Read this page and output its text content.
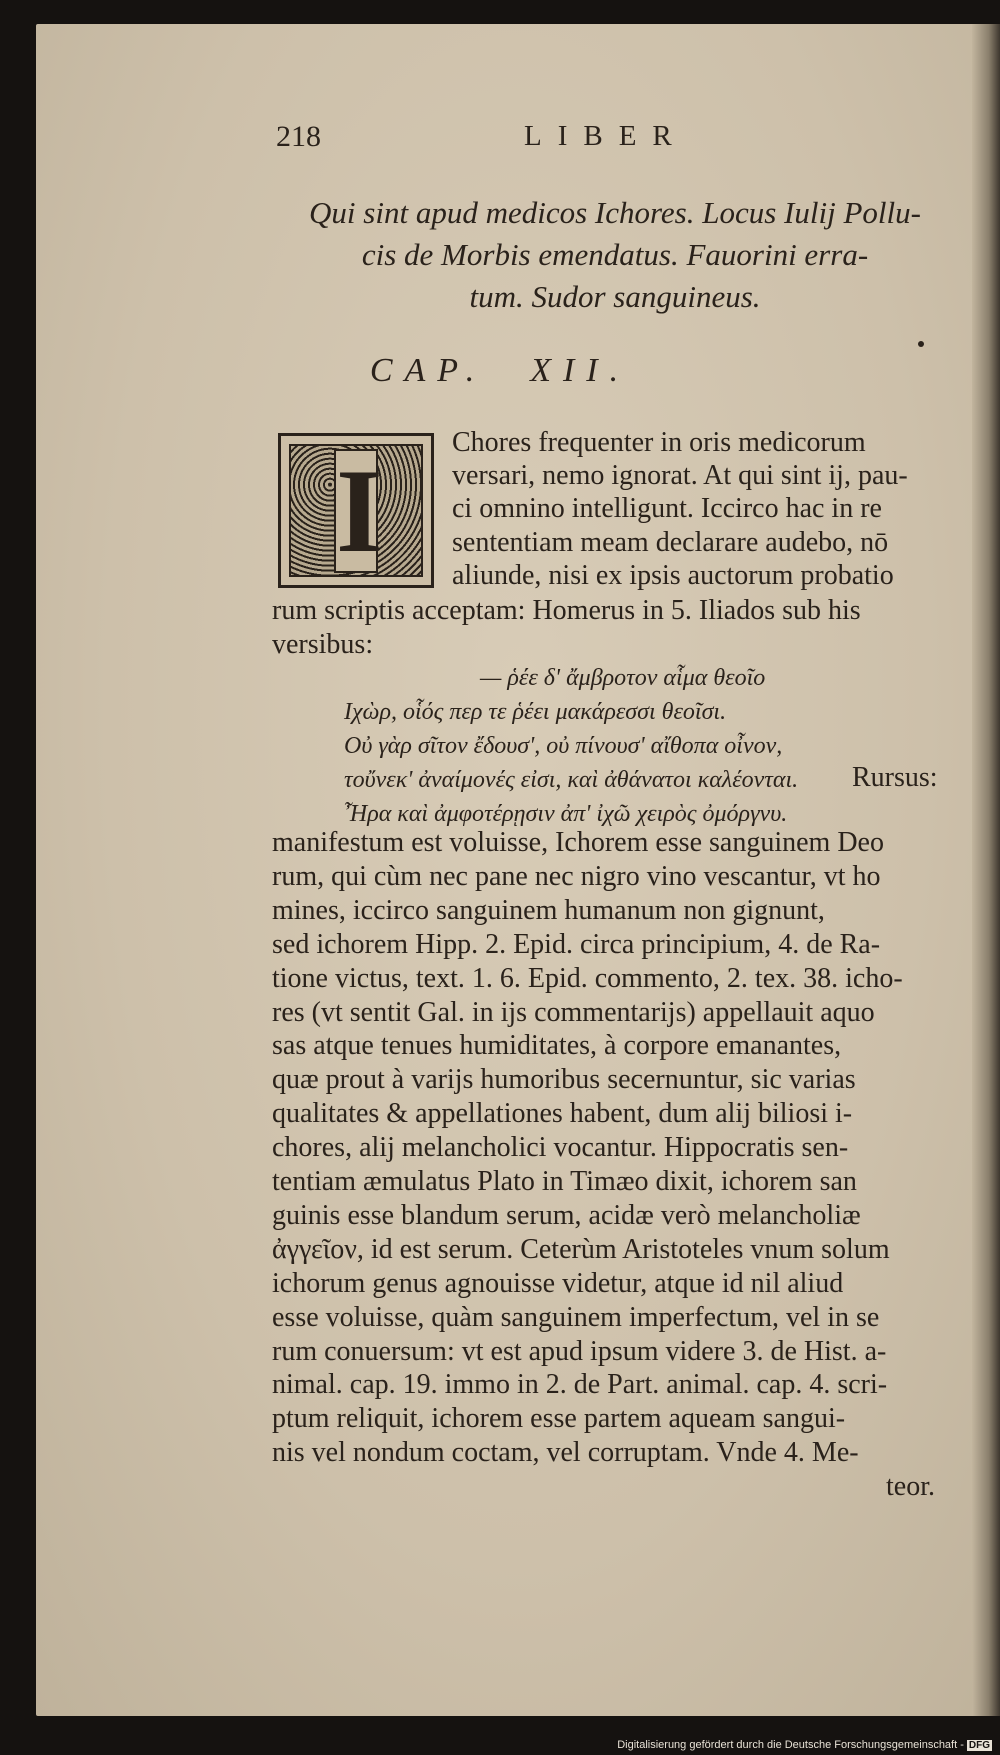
218	LIBER
Qui sint apud medicos Ichores. Locus Iulij Pollu-
cis de Morbis emendatus. Fauorini erra-
tum. Sudor sanguineus.
CAP. XII.
I
Chores frequenter in oris medicorum
versari, nemo ignorat. At qui sint ij, pau-
ci omnino intelligunt. Iccirco hac in re
sententiam meam declarare audebo, nō
aliunde, nisi ex ipsis auctorum probatio
rum scriptis acceptam: Homerus in 5. Iliados sub his
versibus:
— ῥέε δ' ἄμβροτον αἷμα θεοῖο
Ιχὼρ, οἷός περ τε ῥέει μακάρεσσι θεοῖσι.
Οὐ γὰρ σῖτον ἔδουσ', οὐ πίνουσ' αἴθοπα οἶνον,
τοὔνεκ' ἀναίμονές εἰσι, καὶ ἀθάνατοι καλέονται. Rursus:
Ἦρα καὶ ἀμφοτέρῃσιν ἀπ' ἰχῶ χειρὸς ὀμόργνυ.
manifestum est voluisse, Ichorem esse sanguinem Deo
rum, qui cùm nec pane nec nigro vino vescantur, vt ho
mines, iccirco sanguinem humanum non gignunt,
sed ichorem Hipp. 2. Epid. circa principium, 4. de Ra-
tione victus, text. 1. 6. Epid. commento, 2. tex. 38. icho-
res (vt sentit Gal. in ijs commentarijs) appellauit aquo
sas atque tenues humiditates, à corpore emanantes,
quæ prout à varijs humoribus secernuntur, sic varias
qualitates & appellationes habent, dum alij biliosi i-
chores, alij melancholici vocantur. Hippocratis sen-
tentiam æmulatus Plato in Timæo dixit, ichorem san
guinis esse blandum serum, acidæ verò melancholiæ
ἀγγεῖον, id est serum. Ceterùm Aristoteles vnum solum
ichorum genus agnouisse videtur, atque id nil aliud
esse voluisse, quàm sanguinem imperfectum, vel in se
rum conuersum: vt est apud ipsum videre 3. de Hist. a-
nimal. cap. 19. immo in 2. de Part. animal. cap. 4. scri-
ptum reliquit, ichorem esse partem aqueam sangui-
nis vel nondum coctam, vel corruptam. Vnde 4. Me-
teor.
Digitalisierung gefördert durch die Deutsche Forschungsgemeinschaft - DFG
